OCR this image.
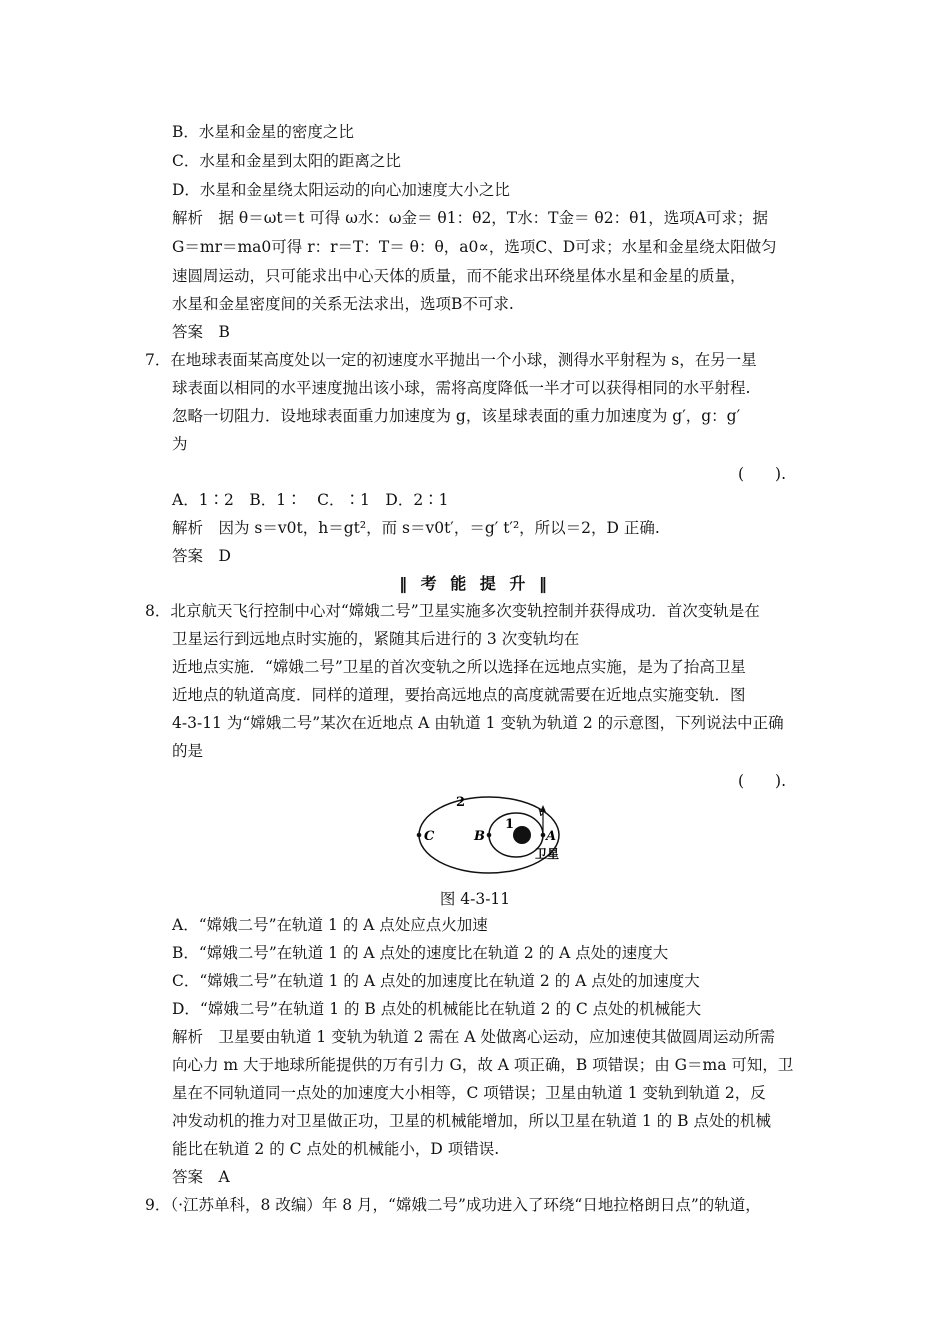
B．水星和金星的密度之比
C．水星和金星到太阳的距离之比
D．水星和金星绕太阳运动的向心加速度大小之比
解析　据 θ＝ωt＝t 可得 ω水：ω金＝ θ1：θ2，T水：T金＝ θ2：θ1，选项A可求；据
G＝mr＝ma0可得 r：r＝T：T＝ θ：θ，a0∝，选项C、D可求；水星和金星绕太阳做匀
速圆周运动，只可能求出中心天体的质量，而不能求出环绕星体水星和金星的质量，
水星和金星密度间的关系无法求出，选项B不可求.
答案　B
7．在地球表面某高度处以一定的初速度水平抛出一个小球，测得水平射程为 s，在另一星
球表面以相同的水平速度抛出该小球，需将高度降低一半才可以获得相同的水平射程.
忽略一切阻力．设地球表面重力加速度为 g，该星球表面的重力加速度为 g′，g：g′
为
(　　).
A．1∶2　B．1∶　C．∶1　D．2∶1
解析　因为 s＝v0t，h＝gt²，而 s＝v0t′，＝g′ t′²，所以＝2，D 正确.
答案　D
‖ 考 能 提 升 ‖
8．北京航天飞行控制中心对“嫦娥二号”卫星实施多次变轨控制并获得成功．首次变轨是在
卫星运行到远地点时实施的，紧随其后进行的 3 次变轨均在
近地点实施．“嫦娥二号”卫星的首次变轨之所以选择在远地点实施，是为了抬高卫星
近地点的轨道高度．同样的道理，要抬高远地点的高度就需要在近地点实施变轨．图
4-3-11 为“嫦娥二号”某次在近地点 A 由轨道 1 变轨为轨道 2 的示意图，下列说法中正确
的是
(　　).
2
1
C	B	A
v
卫星
图 4-3-11
A．“嫦娥二号”在轨道 1 的 A 点处应点火加速
B．“嫦娥二号”在轨道 1 的 A 点处的速度比在轨道 2 的 A 点处的速度大
C．“嫦娥二号”在轨道 1 的 A 点处的加速度比在轨道 2 的 A 点处的加速度大
D．“嫦娥二号”在轨道 1 的 B 点处的机械能比在轨道 2 的 C 点处的机械能大
解析　卫星要由轨道 1 变轨为轨道 2 需在 A 处做离心运动，应加速使其做圆周运动所需
向心力 m 大于地球所能提供的万有引力 G，故 A 项正确，B 项错误；由 G＝ma 可知，卫
星在不同轨道同一点处的加速度大小相等，C 项错误；卫星由轨道 1 变轨到轨道 2，反
冲发动机的推力对卫星做正功，卫星的机械能增加，所以卫星在轨道 1 的 B 点处的机械
能比在轨道 2 的 C 点处的机械能小，D 项错误.
答案　A
9．（·江苏单科，8 改编）年 8 月，“嫦娥二号”成功进入了环绕“日地拉格朗日点”的轨道，
